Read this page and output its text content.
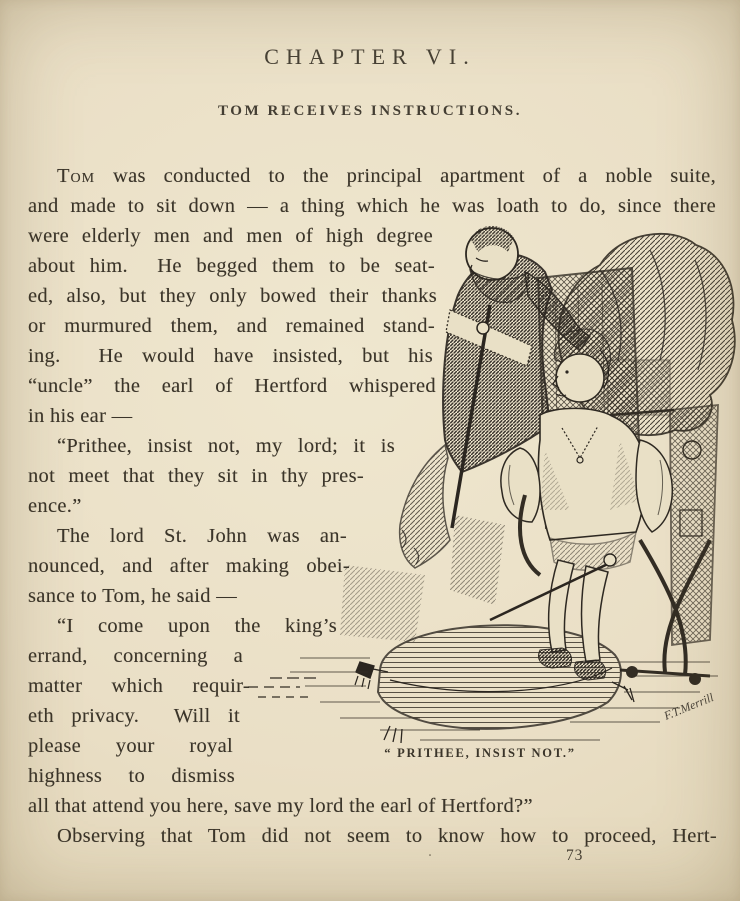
CHAPTER VI.
TOM RECEIVES INSTRUCTIONS.
Tom was conducted to the principal apartment of a noble suite,
and made to sit down — a thing which he was loath to do, since there
were elderly men and men of high degree
about him.  He begged them to be seat-
ed, also, but they only bowed their thanks
or murmured them, and remained stand-
ing.  He would have insisted, but his
“uncle” the earl of Hertford whispered
in his ear —
“Prithee, insist not, my lord; it is
not meet that they sit in thy pres-
ence.”
The lord St. John was an-
nounced, and after making obei-
sance to Tom, he said —
“I come upon the king’s
errand, concerning a
matter which requir-
eth privacy.  Will it
please your royal
highness to dismiss
all that attend you here, save my lord the earl of Hertford?”
Observing that Tom did not seem to know how to proceed, Hert-
F.T.Merrill
“ PRITHEE, INSIST NOT.”
.	73
